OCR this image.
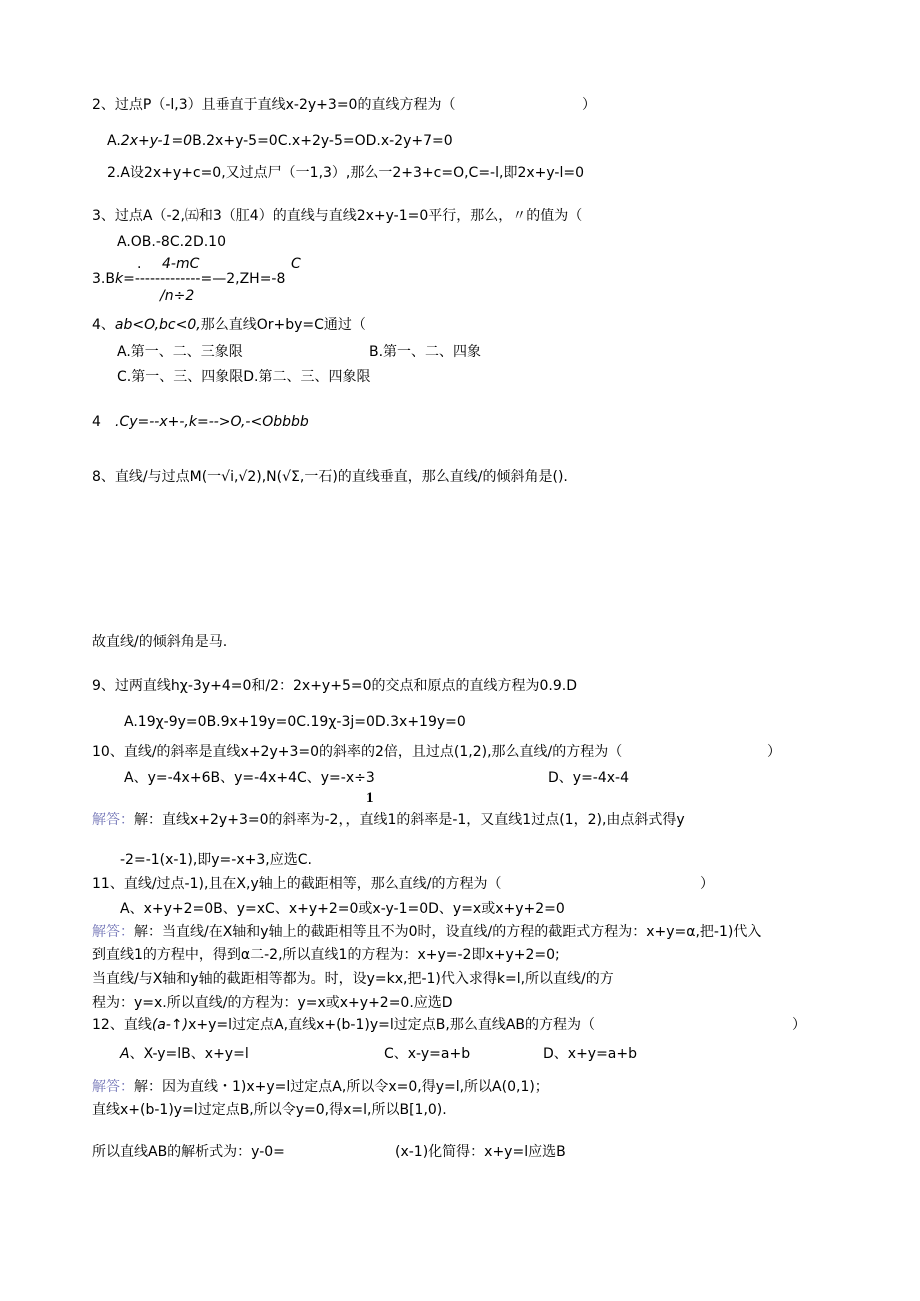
2、过点P（-l,3）且垂直于直线x-2y+3=0的直线方程为（	）
A.2x+y-1=0B.2x+y-5=0C.x+2y-5=OD.x-2y+7=0
2.A设2x+y+c=0,又过点尸（一1,3）,那么一2+3+c=O,C=-l,即2x+y-l=0
3、过点A（-2,㈤和3（肛4）的直线与直线2x+y-1=0平行，那么，〃的值为（
A.OB.-8C.2D.10
. 4-mC	C
3.Bk=-------------=—2,ZH=-8
/n÷2
4、ab<O,bc<0,那么直线Or+by=C通过（
A.第一、二、三象限	B.第一、二、四象
C.第一、三、四象限D.第二、三、四象限
4 .Cy=--x+-,k=-->O,-<Obbbb
8、直线/与过点M(一√i,√2),N(√Σ,一石)的直线垂直，那么直线/的倾斜角是().
故直线/的倾斜角是马.
9、过两直线hχ-3y+4=0和/2：2x+y+5=0的交点和原点的直线方程为0.9.D
A.19χ-9y=0B.9x+19y=0C.19χ-3j=0D.3x+19y=0
10、直线/的斜率是直线x+2y+3=0的斜率的2倍，且过点(1,2),那么直线/的方程为（	）
A、y=-4x+6B、y=-4x+4C、y=-x÷3	D、y=-4x-4
1
解答：解：直线x+2y+3=0的斜率为-2，，直线1的斜率是-1，又直线1过点(1，2),由点斜式得y
-2=-1(x-1),即y=-x+3,应选C.
11、直线/过点-1),且在X,y轴上的截距相等，那么直线/的方程为（	）
A、x+y+2=0B、y=xC、x+y+2=0或x-y-1=0D、y=x或x+y+2=0
解答：解：当直线/在X轴和y轴上的截距相等且不为0时，设直线/的方程的截距式方程为：x+y=α,把-1)代入
到直线1的方程中，得到α二-2,所以直线1的方程为：x+y=-2即x+y+2=0;
当直线/与X轴和y轴的截距相等都为。时，设y=kx,把-1)代入求得k=l,所以直线/的方
程为：y=x.所以直线/的方程为：y=x或x+y+2=0.应选D
12、直线(a-↑)x+y=l过定点A,直线x+(b-1)y=l过定点B,那么直线AB的方程为（	）
A、X-y=lB、x+y=l	C、x-y=a+b	D、x+y=a+b
解答：解：因为直线・1)x+y=l过定点A,所以令x=0,得y=l,所以A(0,1)；
直线x+(b-1)y=l过定点B,所以令y=0,得x=l,所以B[1,0).
所以直线AB的解析式为：y-0=	(x-1)化简得：x+y=l应选B
